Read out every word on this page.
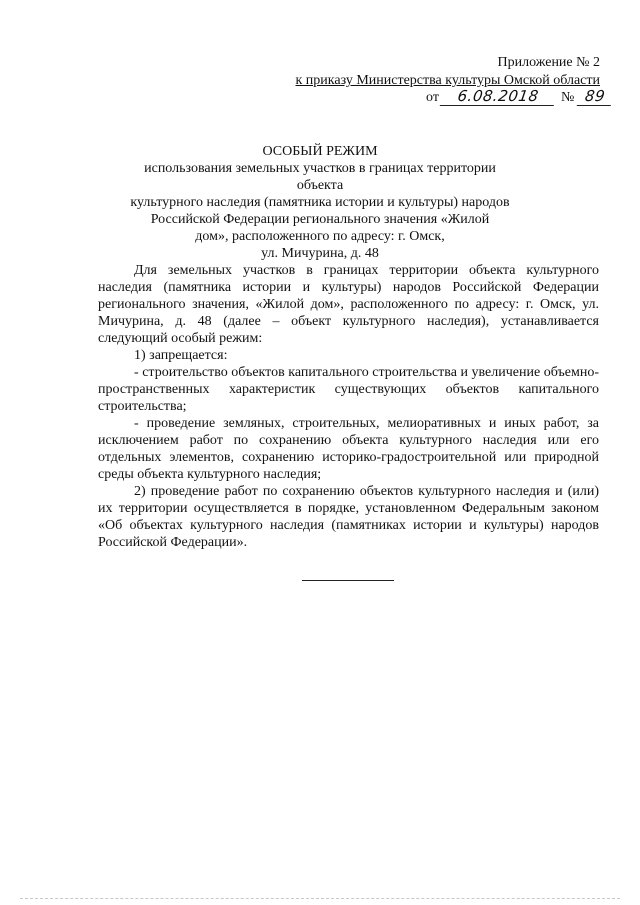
Приложение № 2
к приказу Министерства культуры Омской области
от 6.08.2018 № 89
ОСОБЫЙ РЕЖИМ
использования земельных участков в границах территории объекта
культурного наследия (памятника истории и культуры) народов
Российской Федерации регионального значения «Жилой
дом», расположенного по адресу: г. Омск,
ул. Мичурина, д. 48

Для земельных участков в границах территории объекта культурного наследия (памятника истории и культуры) народов Российской Федерации регионального значения, «Жилой дом», расположенного по адресу: г. Омск, ул. Мичурина, д. 48 (далее – объект культурного наследия), устанавливается следующий особый режим:

1) запрещается:

- строительство объектов капитального строительства и увеличение объемно-пространственных характеристик существующих объектов капитального строительства;

- проведение земляных, строительных, мелиоративных и иных работ, за исключением работ по сохранению объекта культурного наследия или его отдельных элементов, сохранению историко-градостроительной или природной среды объекта культурного наследия;

2) проведение работ по сохранению объектов культурного наследия и (или) их территории осуществляется в порядке, установленном Федеральным законом «Об объектах культурного наследия (памятниках истории и культуры) народов Российской Федерации».
